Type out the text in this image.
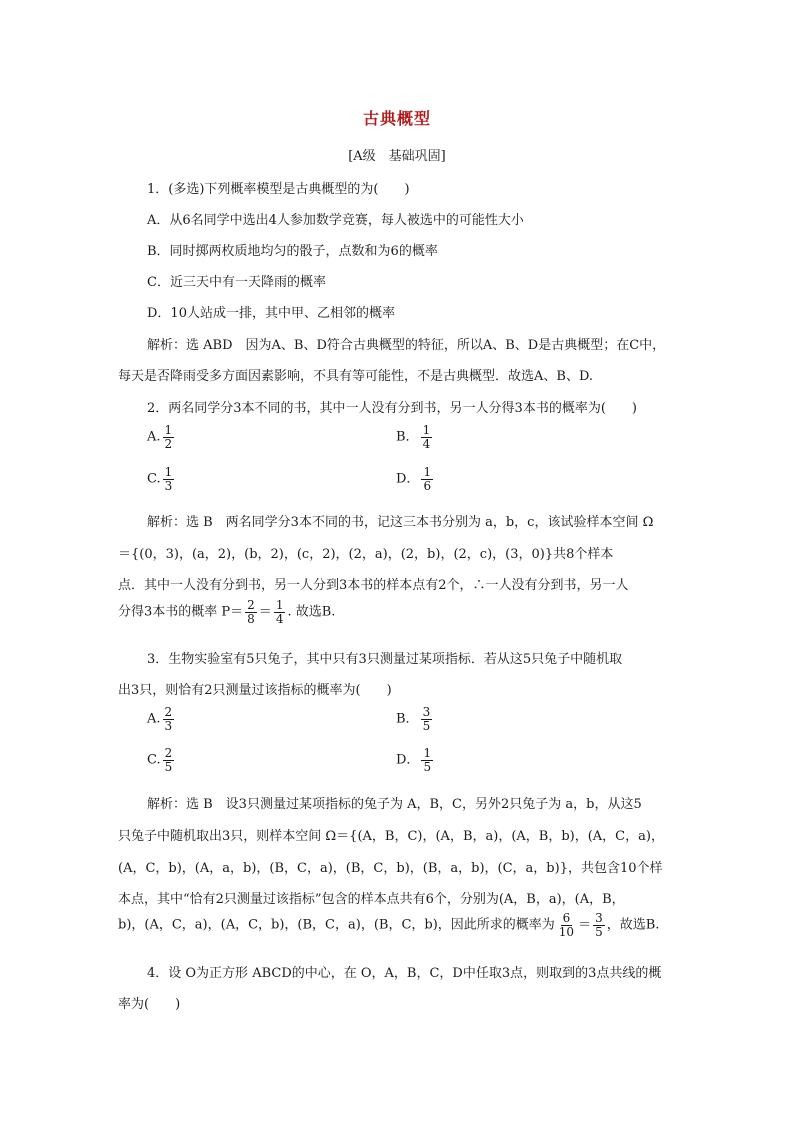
古典概型
[A级　基础巩固]
1．(多选)下列概率模型是古典概型的为(　　)
A．从6名同学中选出4人参加数学竞赛，每人被选中的可能性大小
B．同时掷两枚质地均匀的骰子，点数和为6的概率
C．近三天中有一天降雨的概率
D．10人站成一排，其中甲、乙相邻的概率
解析：选 ABD　因为A、B、D符合古典概型的特征，所以A、B、D是古典概型；在C中，
每天是否降雨受多方面因素影响，不具有等可能性，不是古典概型．故选A、B、D.
2．两名同学分3本不同的书，其中一人没有分到书，另一人分得3本书的概率为(　　)
A. $\frac{1}{2}$	B． $\frac{1}{4}$
C. $\frac{1}{3}$	D． $\frac{1}{6}$
解析：选 B　两名同学分3本不同的书，记这三本书分别为 a，b，c，该试验样本空间 Ω
＝{(0，3)，(a，2)，(b，2)，(c，2)，(2，a)，(2，b)，(2，c)，(3，0)}共8个样本
点．其中一人没有分到书，另一人分到3本书的样本点有2个，∴一人没有分到书，另一人
分得3本书的概率 $P= \frac{2}{8} = \frac{1}{4}$ . 故选B.
3．生物实验室有5只兔子，其中只有3只测量过某项指标．若从这5只兔子中随机取
出3只，则恰有2只测量过该指标的概率为(　　)
A. $\frac{2}{3}$	B． $\frac{3}{5}$
C. $\frac{2}{5}$	D． $\frac{1}{5}$
解析：选 B　设3只测量过某项指标的兔子为 A，B，C，另外2只兔子为 a，b，从这5
只兔子中随机取出3只，则样本空间 Ω＝{(A，B，C)，(A，B，a)，(A，B，b)，(A，C，a)，
(A，C，b)，(A，a，b)，(B，C，a)，(B，C，b)，(B，a，b)，(C，a，b)}，共包含10个样
本点，其中“恰有2只测量过该指标”包含的样本点共有6个，分别为(A，B，a)，(A，B，
b)，(A，C，a)，(A，C，b)，(B，C，a)，(B，C，b)，因此所求的概率为 $\frac{6}{10} = \frac{3}{5}$ ，故选B.
4．设 O为正方形 ABCD的中心，在 O，A，B，C，D中任取3点，则取到的3点共线的概
率为(　　)
